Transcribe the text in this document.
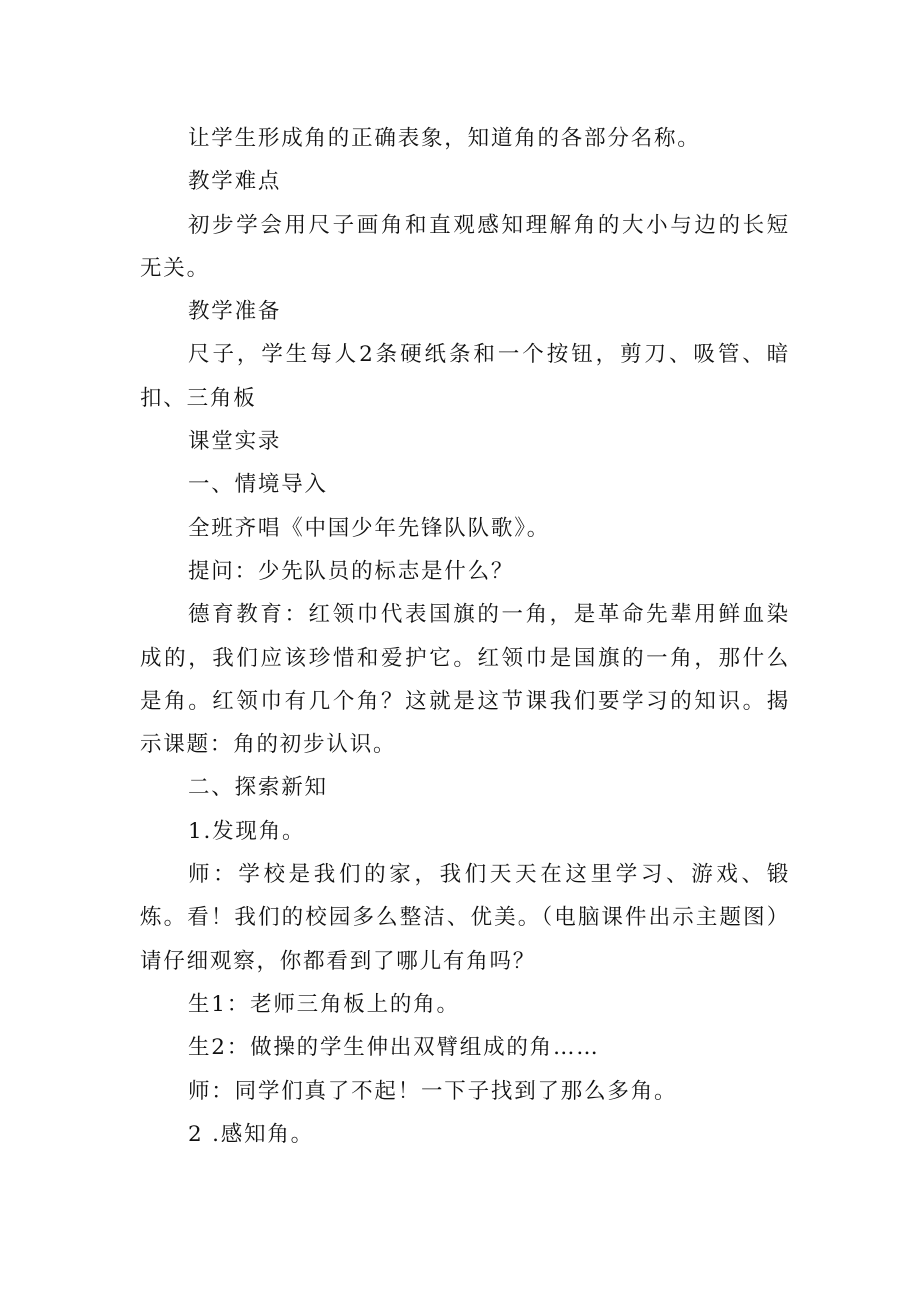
让学生形成角的正确表象，知道角的各部分名称。

教学难点

初步学会用尺子画角和直观感知理解角的大小与边的长短无关。

教学准备

尺子，学生每人2条硬纸条和一个按钮，剪刀、吸管、暗扣、三角板

课堂实录

一、情境导入

全班齐唱《中国少年先锋队队歌》。

提问：少先队员的标志是什么？

德育教育：红领巾代表国旗的一角，是革命先辈用鲜血染成的，我们应该珍惜和爱护它。红领巾是国旗的一角，那什么是角。红领巾有几个角？这就是这节课我们要学习的知识。揭示课题：角的初步认识。

二、探索新知

1.发现角。

师：学校是我们的家，我们天天在这里学习、游戏、锻炼。看！我们的校园多么整洁、优美。（电脑课件出示主题图）请仔细观察，你都看到了哪儿有角吗？

生1：老师三角板上的角。

生2：做操的学生伸出双臂组成的角……

师：同学们真了不起！一下子找到了那么多角。

2 .感知角。
